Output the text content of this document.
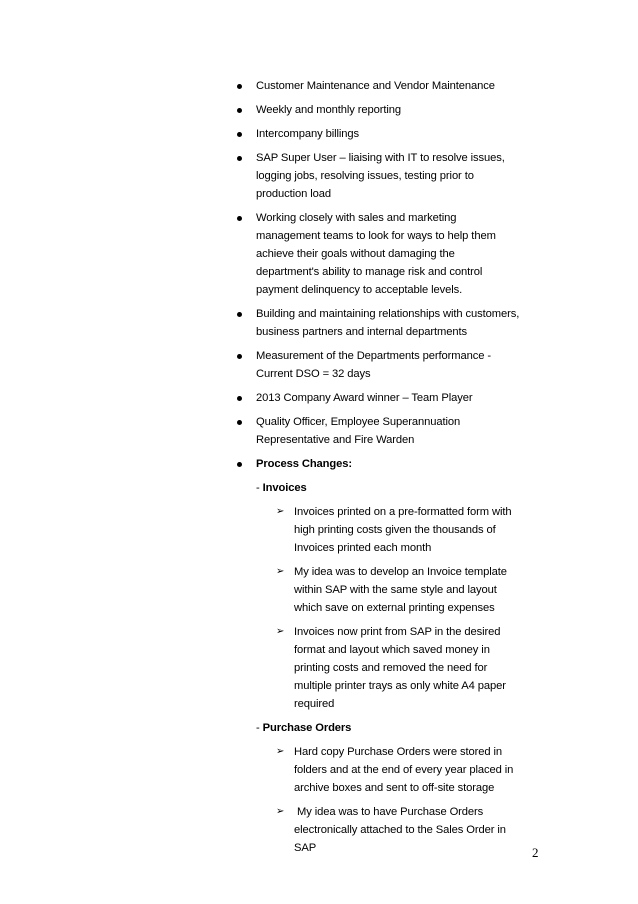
Customer Maintenance and Vendor Maintenance
Weekly and monthly reporting
Intercompany billings
SAP Super User – liaising with IT to resolve issues,
logging jobs, resolving issues, testing prior to
production load
Working closely with sales and marketing
management teams to look for ways to help them
achieve their goals without damaging the
department's ability to manage risk and control
payment delinquency to acceptable levels.
Building and maintaining relationships with customers,
business partners and internal departments
Measurement of the Departments performance -
Current DSO = 32 days
2013 Company Award winner – Team Player
Quality Officer, Employee Superannuation
Representative and Fire Warden
Process Changes:
- Invoices
➢ Invoices printed on a pre-formatted form with
high printing costs given the thousands of
Invoices printed each month
➢ My idea was to develop an Invoice template
within SAP with the same style and layout
which save on external printing expenses
➢ Invoices now print from SAP in the desired
format and layout which saved money in
printing costs and removed the need for
multiple printer trays as only white A4 paper
required
- Purchase Orders
➢ Hard copy Purchase Orders were stored in
folders and at the end of every year placed in
archive boxes and sent to off-site storage
➢ My idea was to have Purchase Orders
electronically attached to the Sales Order in
SAP	2
